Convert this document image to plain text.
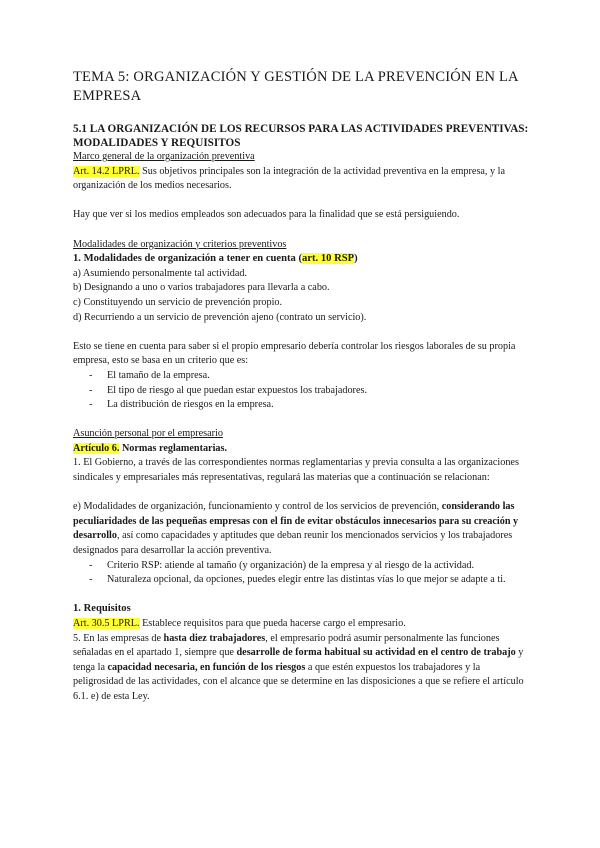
TEMA 5: ORGANIZACIÓN Y GESTIÓN DE LA PREVENCIÓN EN LA EMPRESA
5.1 LA ORGANIZACIÓN DE LOS RECURSOS PARA LAS ACTIVIDADES PREVENTIVAS: MODALIDADES Y REQUISITOS

Marco general de la organización preventiva

Art. 14.2 LPRL. Sus objetivos principales son la integración de la actividad preventiva en la empresa, y la organización de los medios necesarios.

Hay que ver si los medios empleados son adecuados para la finalidad que se está persiguiendo.

Modalidades de organización y criterios preventivos

1. Modalidades de organización a tener en cuenta (art. 10 RSP)

a) Asumiendo personalmente tal actividad.

b) Designando a uno o varios trabajadores para llevarla a cabo.

c) Constituyendo un servicio de prevención propio.

d) Recurriendo a un servicio de prevención ajeno (contrato un servicio).

Esto se tiene en cuenta para saber si el propio empresario debería controlar los riesgos laborales de su propia empresa, esto se basa en un criterio que es:

- El tamaño de la empresa.
- El tipo de riesgo al que puedan estar expuestos los trabajadores.
- La distribución de riesgos en la empresa.

Asunción personal por el empresario

Artículo 6. Normas reglamentarias.

1. El Gobierno, a través de las correspondientes normas reglamentarias y previa consulta a las organizaciones sindicales y empresariales más representativas, regulará las materias que a continuación se relacionan:

e) Modalidades de organización, funcionamiento y control de los servicios de prevención, considerando las peculiaridades de las pequeñas empresas con el fin de evitar obstáculos innecesarios para su creación y desarrollo, así como capacidades y aptitudes que deban reunir los mencionados servicios y los trabajadores designados para desarrollar la acción preventiva.

- Criterio RSP: atiende al tamaño (y organización) de la empresa y al riesgo de la actividad.
- Naturaleza opcional, da opciones, puedes elegir entre las distintas vías lo que mejor se adapte a ti.

1. Requisitos

Art. 30.5 LPRL. Establece requisitos para que pueda hacerse cargo el empresario.

5. En las empresas de hasta diez trabajadores, el empresario podrá asumir personalmente las funciones señaladas en el apartado 1, siempre que desarrolle de forma habitual su actividad en el centro de trabajo y tenga la capacidad necesaria, en función de los riesgos a que estén expuestos los trabajadores y la peligrosidad de las actividades, con el alcance que se determine en las disposiciones a que se refiere el artículo 6.1. e) de esta Ley.
